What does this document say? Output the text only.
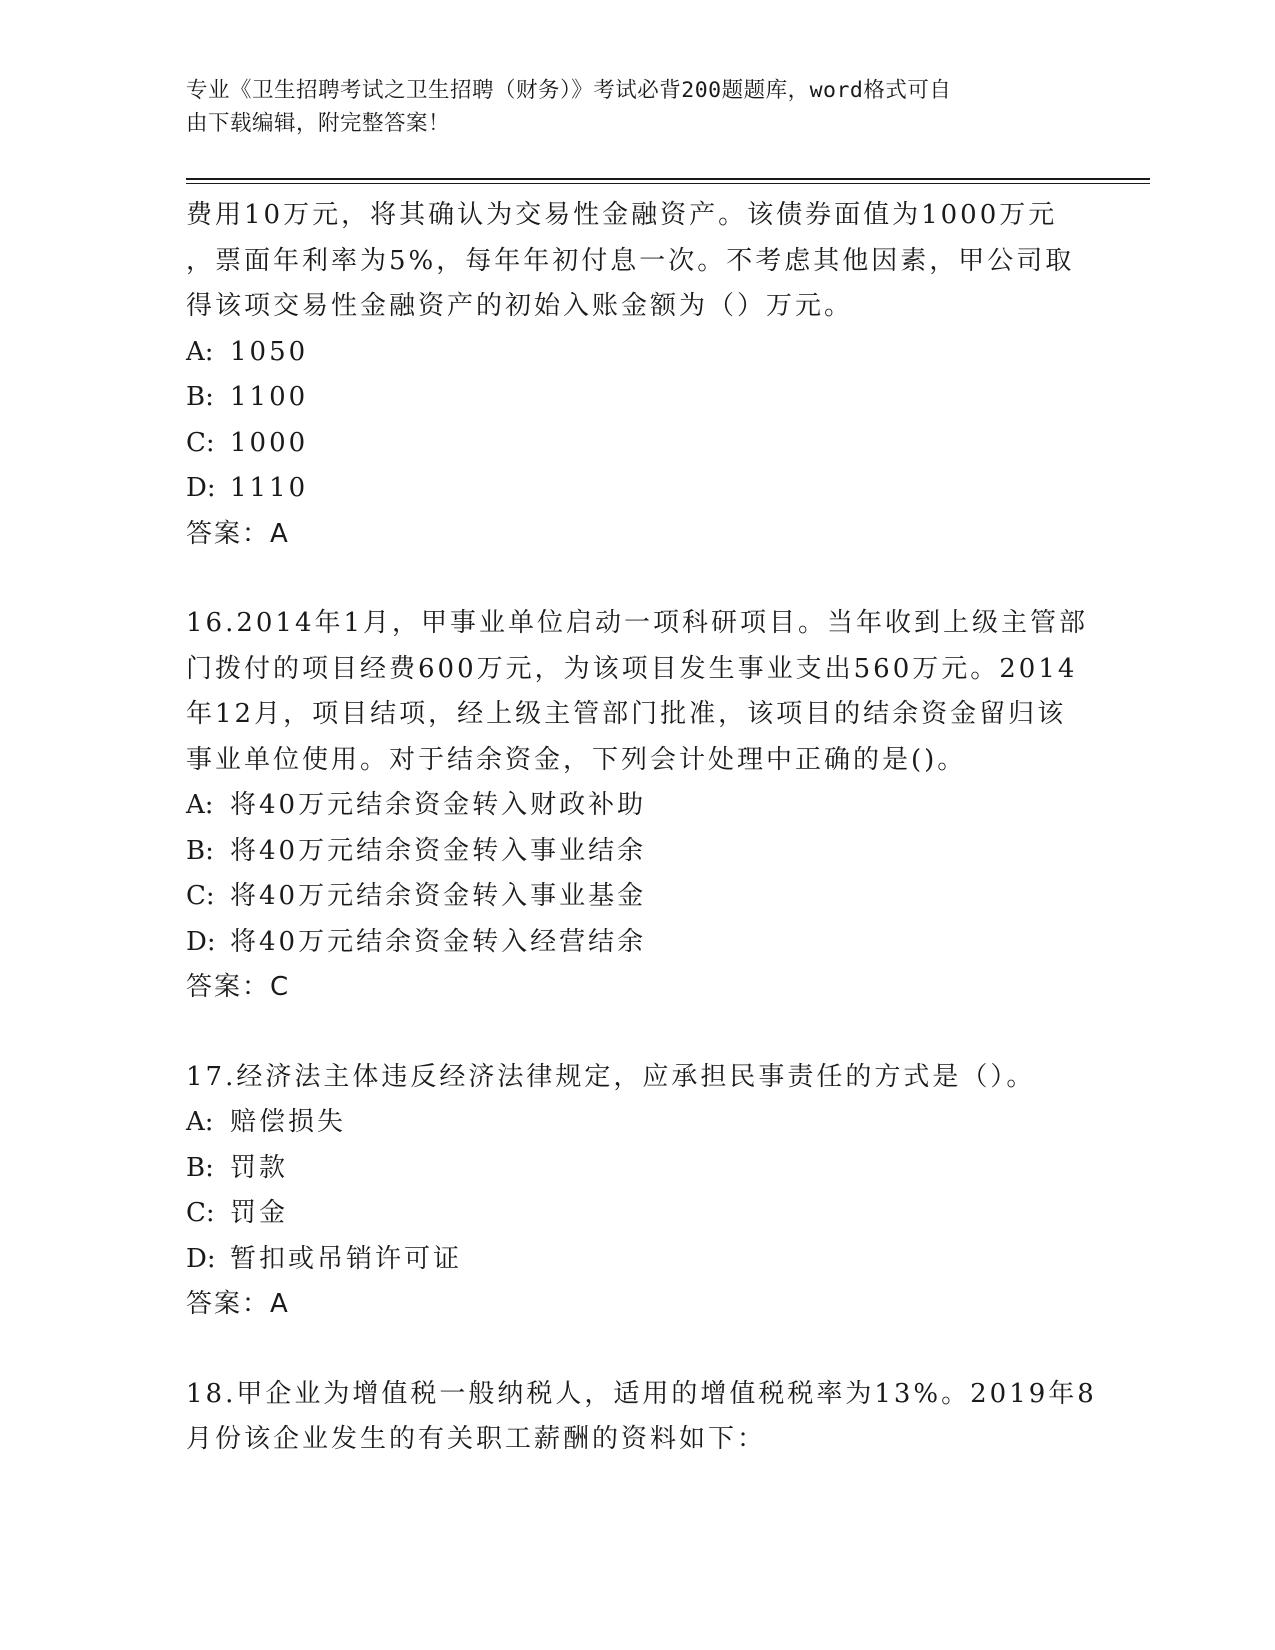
专业《卫生招聘考试之卫生招聘（财务）》考试必背200题题库，word格式可自
由下载编辑，附完整答案！
费用10万元，将其确认为交易性金融资产。该债券面值为1000万元
，票面年利率为5%，每年年初付息一次。不考虑其他因素，甲公司取
得该项交易性金融资产的初始入账金额为（）万元。
A: 1050
B: 1100
C: 1000
D: 1110
答案：A
16.2014年1月，甲事业单位启动一项科研项目。当年收到上级主管部
门拨付的项目经费600万元，为该项目发生事业支出560万元。2014
年12月，项目结项，经上级主管部门批准，该项目的结余资金留归该
事业单位使用。对于结余资金，下列会计处理中正确的是()。
A: 将40万元结余资金转入财政补助
B: 将40万元结余资金转入事业结余
C: 将40万元结余资金转入事业基金
D: 将40万元结余资金转入经营结余
答案：C
17.经济法主体违反经济法律规定，应承担民事责任的方式是（）。
A: 赔偿损失
B: 罚款
C: 罚金
D: 暂扣或吊销许可证
答案：A
18.甲企业为增值税一般纳税人，适用的增值税税率为13%。2019年8
月份该企业发生的有关职工薪酬的资料如下：
